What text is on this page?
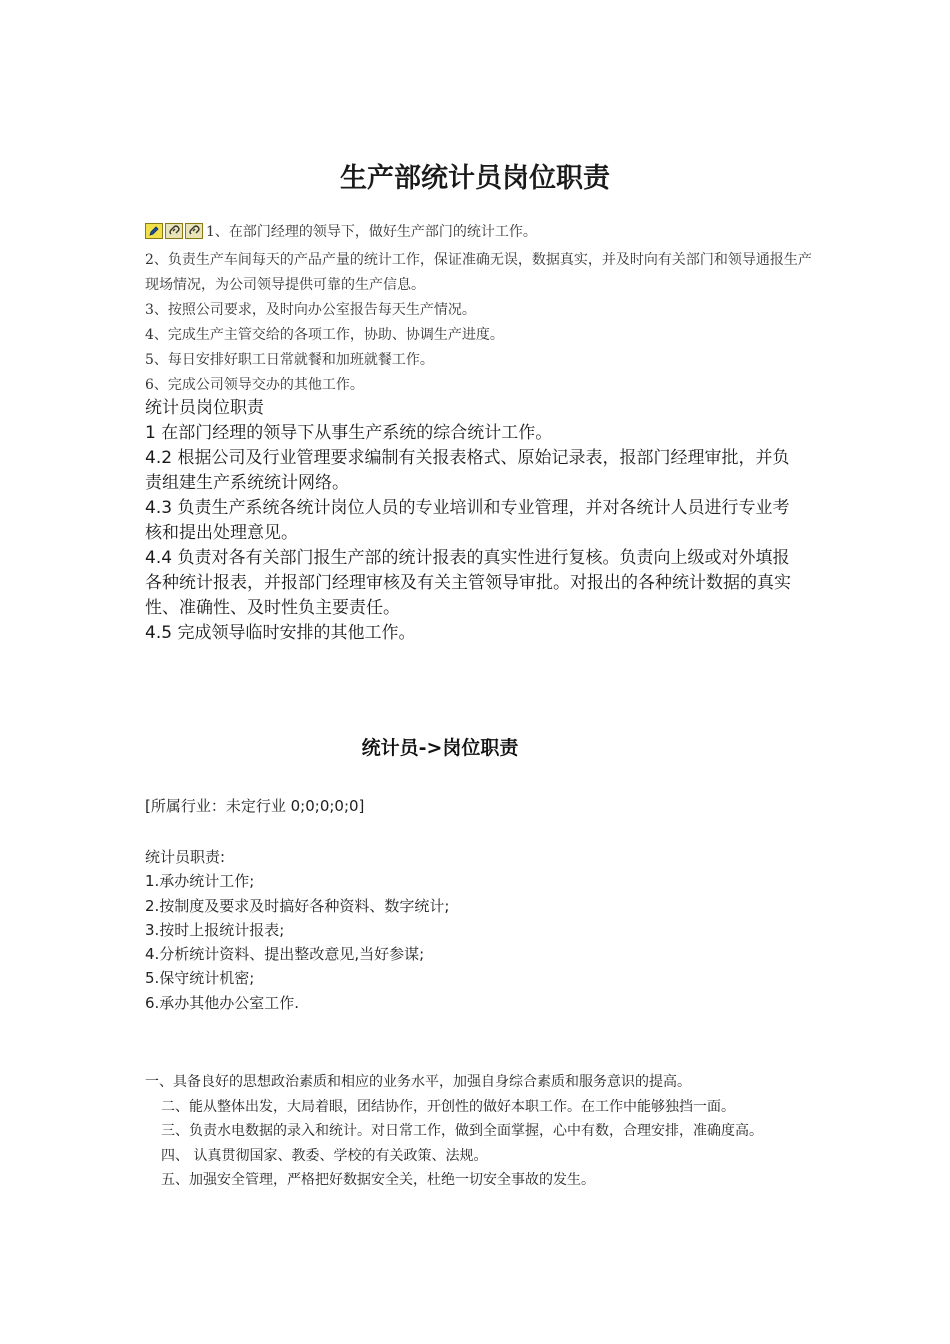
生产部统计员岗位职责
1、在部门经理的领导下，做好生产部门的统计工作。
2、负责生产车间每天的产品产量的统计工作，保证准确无误，数据真实，并及时向有关部门和领导通报生产现场情况，为公司领导提供可靠的生产信息。
3、按照公司要求，及时向办公室报告每天生产情况。
4、完成生产主管交给的各项工作，协助、协调生产进度。
5、每日安排好职工日常就餐和加班就餐工作。
6、完成公司领导交办的其他工作。
统计员岗位职责
1 在部门经理的领导下从事生产系统的综合统计工作。
4.2 根据公司及行业管理要求编制有关报表格式、原始记录表，报部门经理审批，并负责组建生产系统统计网络。
4.3 负责生产系统各统计岗位人员的专业培训和专业管理，并对各统计人员进行专业考核和提出处理意见。
4.4 负责对各有关部门报生产部的统计报表的真实性进行复核。负责向上级或对外填报各种统计报表，并报部门经理审核及有关主管领导审批。对报出的各种统计数据的真实性、准确性、及时性负主要责任。
4.5 完成领导临时安排的其他工作。
统计员->岗位职责
[所属行业：未定行业 0;0;0;0;0]
统计员职责:
1.承办统计工作;
2.按制度及要求及时搞好各种资料、数字统计;
3.按时上报统计报表;
4.分析统计资料、提出整改意见,当好参谋;
5.保守统计机密;
6.承办其他办公室工作.
一、具备良好的思想政治素质和相应的业务水平，加强自身综合素质和服务意识的提高。
二、能从整体出发，大局着眼，团结协作，开创性的做好本职工作。在工作中能够独挡一面。
三、负责水电数据的录入和统计。对日常工作，做到全面掌握，心中有数，合理安排，准确度高。
四、 认真贯彻国家、教委、学校的有关政策、法规。
五、加强安全管理，严格把好数据安全关，杜绝一切安全事故的发生。
